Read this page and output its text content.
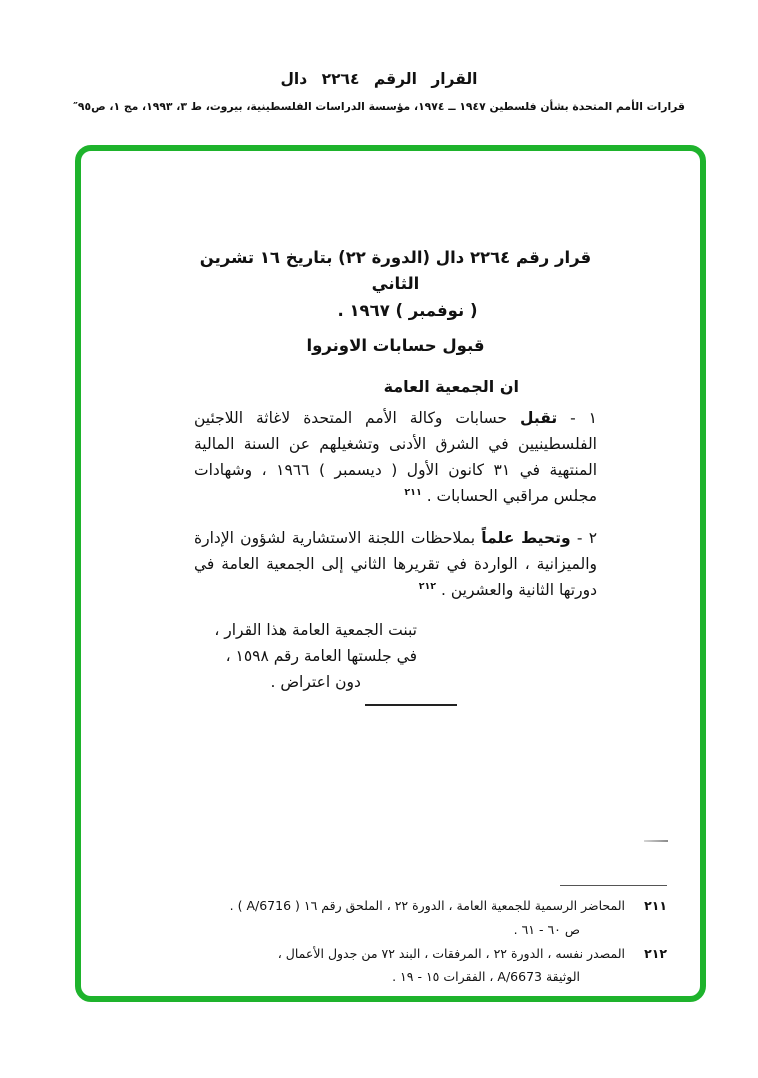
القرار الرقم ٢٢٦٤ دال
قرارات الأمم المتحدة بشأن فلسطين ١٩٤٧ ــ ١٩٧٤، مؤسسة الدراسات الفلسطينية، بيروت، ط ٣، ١٩٩٣، مج ١، ص٩٥″
قرار رقم ٢٢٦٤ دال (الدورة ٢٢) بتاريخ ١٦ تشرين الثاني
( نوفمبر ) ١٩٦٧ .
قبول حسابات الاونروا
ان الجمعية العامة

١ - تقبل حسابات وكالة الأمم المتحدة لاغاثة اللاجئين الفلسطينيين في الشرق الأدنى وتشغيلهم عن السنة المالية المنتهية في ٣١ كانون الأول ( ديسمبر ) ١٩٦٦ ، وشهادات مجلس مراقبي الحسابات . $^{٢١١}$

٢ - وتحيط علماً بملاحظات اللجنة الاستشارية لشؤون الإدارة والميزانية ، الواردة في تقريرها الثاني إلى الجمعية العامة في دورتها الثانية والعشرين . $^{٢١٢}$

تبنت الجمعية العامة هذا القرار ،
في جلستها العامة رقم ١٥٩٨ ،
دون اعتراض .
٢١١
المحاضر الرسمية للجمعية العامة ، الدورة ٢٢ ، الملحق رقم ١٦ ( A/6716 ) .
ص ٦٠ - ٦١ .
٢١٢
المصدر نفسه ، الدورة ٢٢ ، المرفقات ، البند ٧٢ من جدول الأعمال ،
الوثيقة A/6673 ، الفقرات ١٥ - ١٩ .
